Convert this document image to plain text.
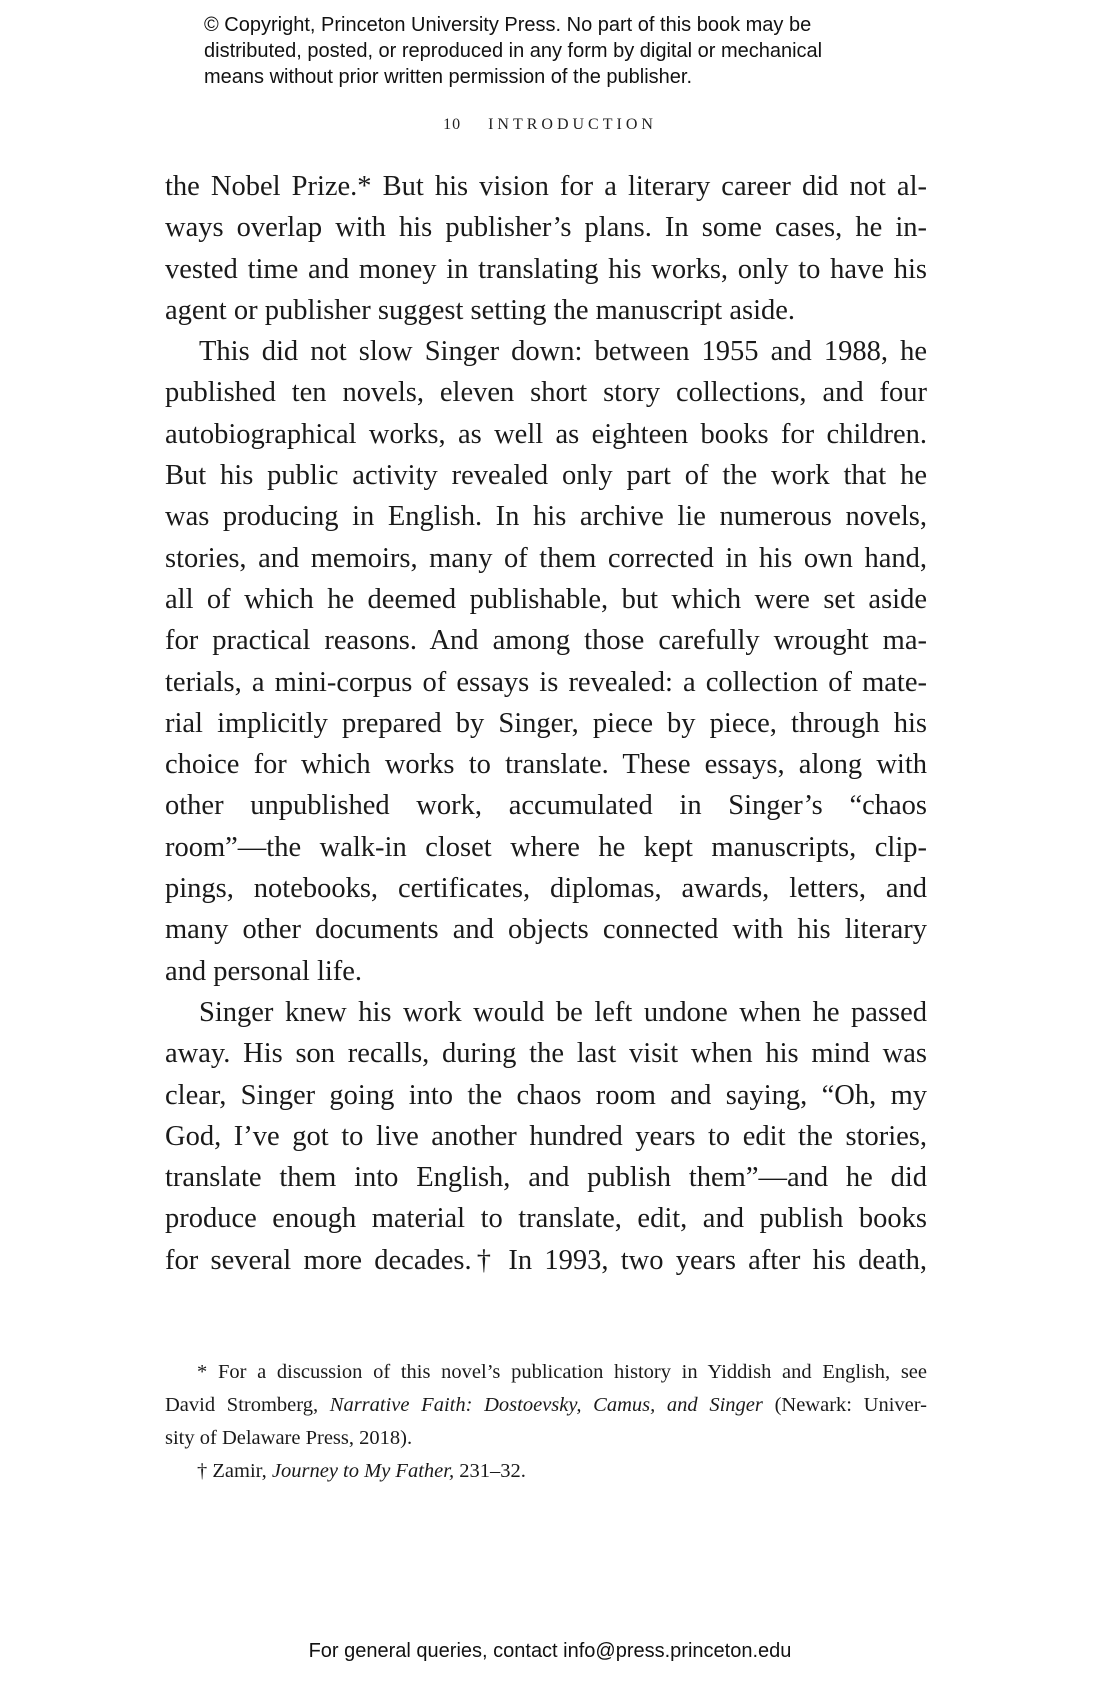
© Copyright, Princeton University Press. No part of this book may be
distributed, posted, or reproduced in any form by digital or mechanical
means without prior written permission of the publisher.
10 INTRODUCTION
the Nobel Prize.* But his vision for a literary career did not al-
ways overlap with his publisher’s plans. In some cases, he in-
vested time and money in translating his works, only to have his
agent or publisher suggest setting the manuscript aside.
This did not slow Singer down: between 1955 and 1988, he
published ten novels, eleven short story collections, and four
autobiographical works, as well as eighteen books for children.
But his public activity revealed only part of the work that he
was producing in English. In his archive lie numerous novels,
stories, and memoirs, many of them corrected in his own hand,
all of which he deemed publishable, but which were set aside
for practical reasons. And among those carefully wrought ma-
terials, a mini-corpus of essays is revealed: a collection of mate-
rial implicitly prepared by Singer, piece by piece, through his
choice for which works to translate. These essays, along with
other unpublished work, accumulated in Singer’s “chaos
room”—the walk-in closet where he kept manuscripts, clip-
pings, notebooks, certificates, diplomas, awards, letters, and
many other documents and objects connected with his literary
and personal life.
Singer knew his work would be left undone when he passed
away. His son recalls, during the last visit when his mind was
clear, Singer going into the chaos room and saying, “Oh, my
God, I’ve got to live another hundred years to edit the stories,
translate them into English, and publish them”—and he did
produce enough material to translate, edit, and publish books
for several more decades.† In 1993, two years after his death,
* For a discussion of this novel’s publication history in Yiddish and English, see
David Stromberg, Narrative Faith: Dostoevsky, Camus, and Singer (Newark: Univer-
sity of Delaware Press, 2018).
† Zamir, Journey to My Father, 231–32.
For general queries, contact info@press.princeton.edu
